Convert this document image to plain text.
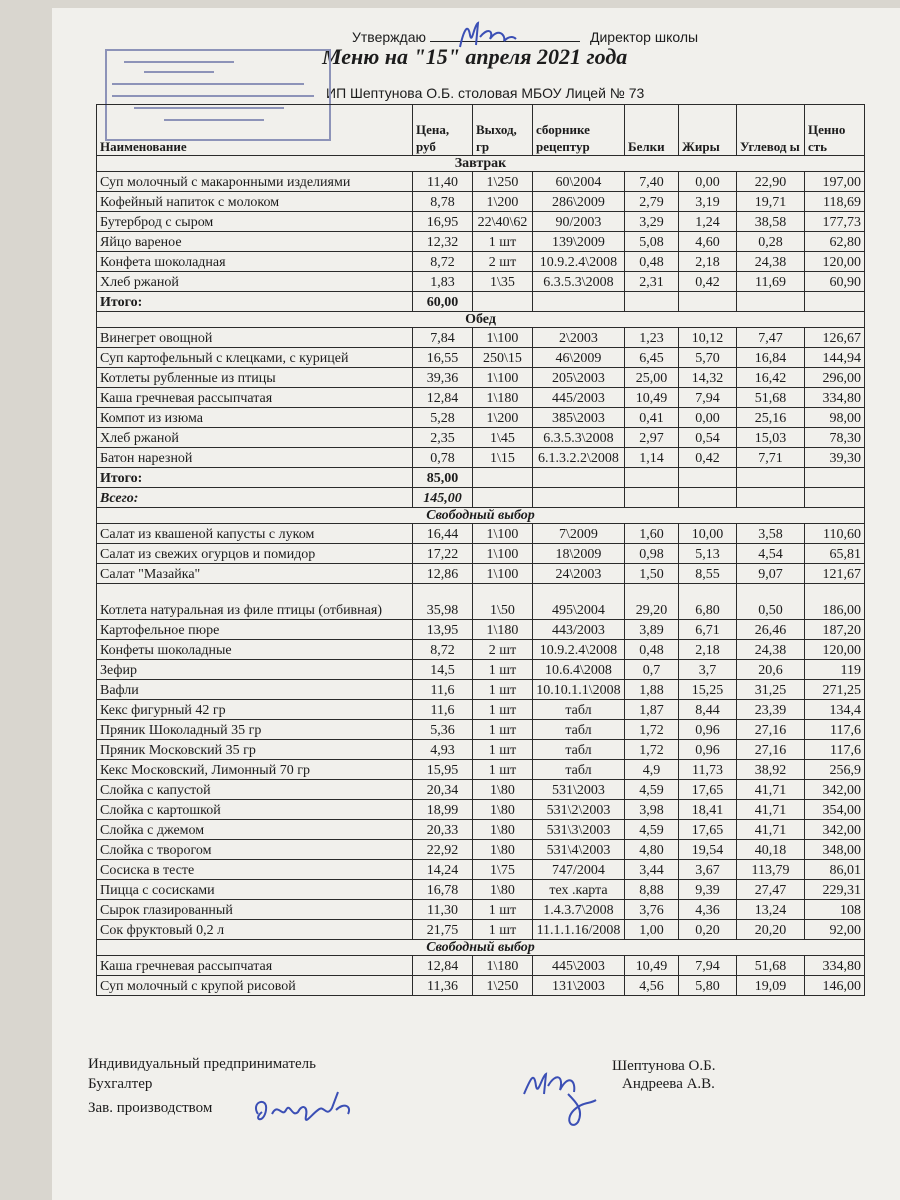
Утверждаю	Директор школы
Меню на "15" апреля 2021 года
ИП Шептунова О.Б. столовая МБОУ Лицей № 73
Наименование	Цена, руб	Выход, гр	сборнике рецептур	Белки	Жиры	Углевод ы	Ценно сть
Завтрак							
Суп молочный с макаронными изделиями	11,40	1\250	60\2004	7,40	0,00	22,90	197,00
Кофейный напиток с молоком	8,78	1\200	286\2009	2,79	3,19	19,71	118,69
Бутерброд с сыром	16,95	22\40\62	90/2003	3,29	1,24	38,58	177,73
Яйцо вареное	12,32	1 шт	139\2009	5,08	4,60	0,28	62,80
Конфета шоколадная	8,72	2 шт	10.9.2.4\2008	0,48	2,18	24,38	120,00
Хлеб ржаной	1,83	1\35	6.3.5.3\2008	2,31	0,42	11,69	60,90
Итого:	60,00						
Обед							
Винегрет овощной	7,84	1\100	2\2003	1,23	10,12	7,47	126,67
Суп картофельный с клецками, с курицей	16,55	250\15	46\2009	6,45	5,70	16,84	144,94
Котлеты рубленные из птицы	39,36	1\100	205\2003	25,00	14,32	16,42	296,00
Каша гречневая рассыпчатая	12,84	1\180	445/2003	10,49	7,94	51,68	334,80
Компот из изюма	5,28	1\200	385\2003	0,41	0,00	25,16	98,00
Хлеб ржаной	2,35	1\45	6.3.5.3\2008	2,97	0,54	15,03	78,30
Батон нарезной	0,78	1\15	6.1.3.2.2\2008	1,14	0,42	7,71	39,30
Итого:	85,00						
Всего:	145,00						
Свободный выбор							
Салат из квашеной капусты с луком	16,44	1\100	7\2009	1,60	10,00	3,58	110,60
Салат из свежих огурцов и помидор	17,22	1\100	18\2009	0,98	5,13	4,54	65,81
Салат "Мазайка"	12,86	1\100	24\2003	1,50	8,55	9,07	121,67
Котлета натуральная из филе птицы (отбивная)	35,98	1\50	495\2004	29,20	6,80	0,50	186,00
Картофельное пюре	13,95	1\180	443/2003	3,89	6,71	26,46	187,20
Конфеты шоколадные	8,72	2 шт	10.9.2.4\2008	0,48	2,18	24,38	120,00
Зефир	14,5	1 шт	10.6.4\2008	0,7	3,7	20,6	119
Вафли	11,6	1 шт	10.10.1.1\2008	1,88	15,25	31,25	271,25
Кекс фигурный 42 гр	11,6	1 шт	табл	1,87	8,44	23,39	134,4
Пряник Шоколадный 35 гр	5,36	1 шт	табл	1,72	0,96	27,16	117,6
Пряник Московский 35 гр	4,93	1 шт	табл	1,72	0,96	27,16	117,6
Кекс Московский, Лимонный 70 гр	15,95	1 шт	табл	4,9	11,73	38,92	256,9
Слойка с капустой	20,34	1\80	531\2003	4,59	17,65	41,71	342,00
Слойка с картошкой	18,99	1\80	531\2\2003	3,98	18,41	41,71	354,00
Слойка с джемом	20,33	1\80	531\3\2003	4,59	17,65	41,71	342,00
Слойка с творогом	22,92	1\80	531\4\2003	4,80	19,54	40,18	348,00
Сосиска в тесте	14,24	1\75	747/2004	3,44	3,67	113,79	86,01
Пицца с сосисками	16,78	1\80	тех .карта	8,88	9,39	27,47	229,31
Сырок глазированный	11,30	1 шт	1.4.3.7\2008	3,76	4,36	13,24	108
Сок фруктовый 0,2 л	21,75	1 шт	11.1.1.16/2008	1,00	0,20	20,20	92,00
Свободный выбор							
Каша гречневая рассыпчатая	12,84	1\180	445\2003	10,49	7,94	51,68	334,80
Суп молочный с крупой рисовой	11,36	1\250	131\2003	4,56	5,80	19,09	146,00
Индивидуальный предприниматель
Бухгалтер
Зав. производством
Шептунова О.Б.
Андреева А.В.
